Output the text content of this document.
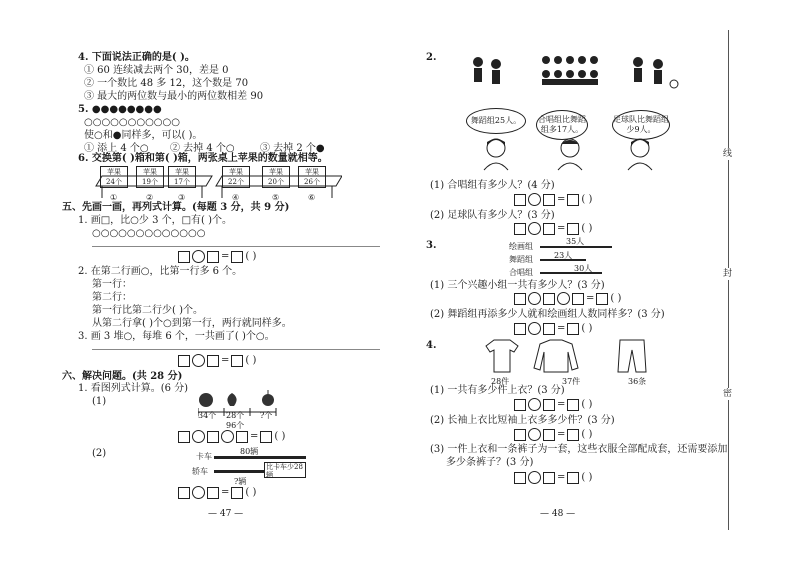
4. 下面说法正确的是( )。
① 60 连续减去两个 30，差是 0
② 一个数比 48 多 12，这个数是 70
③ 最大的两位数与最小的两位数相差 90
5. ●●●●●●●●
○○○○○○○○○○○
使○和●同样多，可以( )。
① 添上 4 个○ ② 去掉 4 个○	③ 去掉 2 个●
6. 交换第( )箱和第( )箱，两张桌上苹果的数量就相等。
苹果
24个
①
苹果
19个
②
苹果
17个
③
苹果
22个
④
苹果
20个
⑤
苹果
26个
⑥
五、先画一画，再列式计算。(每题 3 分，共 9 分)
1. 画□，比○少 3 个，□有( )个。
○○○○○○○○○○○○○
= ( )
2. 在第二行画○，比第一行多 6 个。
第一行：
第二行：
第一行比第二行少( )个。
从第二行拿( )个○到第一行，两行就同样多。
3. 画 3 堆○，每堆 6 个，一共画了( )个○。
= ( )
六、解决问题。(共 28 分)
1. 看图列式计算。(6 分)
(1)
34个 28个 ?个
96个
= ( )
(2)	卡车
80辆
轿车	比卡车少28辆
?辆
= ( )
— 47 —
2.
舞蹈组25人。	合唱组比舞蹈组多17人。
足球队比舞蹈组少9人。
(1) 合唱组有多少人？(4 分)
= ( )
(2) 足球队有多少人？(3 分)
= ( )
3.	绘画组
35人
舞蹈组	23人
合唱组	30人
(1) 三个兴趣小组一共有多少人？(3 分)
= ( )
(2) 舞蹈组再添多少人就和绘画组人数同样多？(3 分)
= ( )
4.
28件	37件	36条
(1) 一共有多少件上衣？(3 分)
= ( )
(2) 长袖上衣比短袖上衣多多少件？(3 分)
= ( )
(3) 一件上衣和一条裤子为一套，这些衣服全部配成套，还需要添加
多少条裤子？(3 分)
= ( )
— 48 —
线
封
密
